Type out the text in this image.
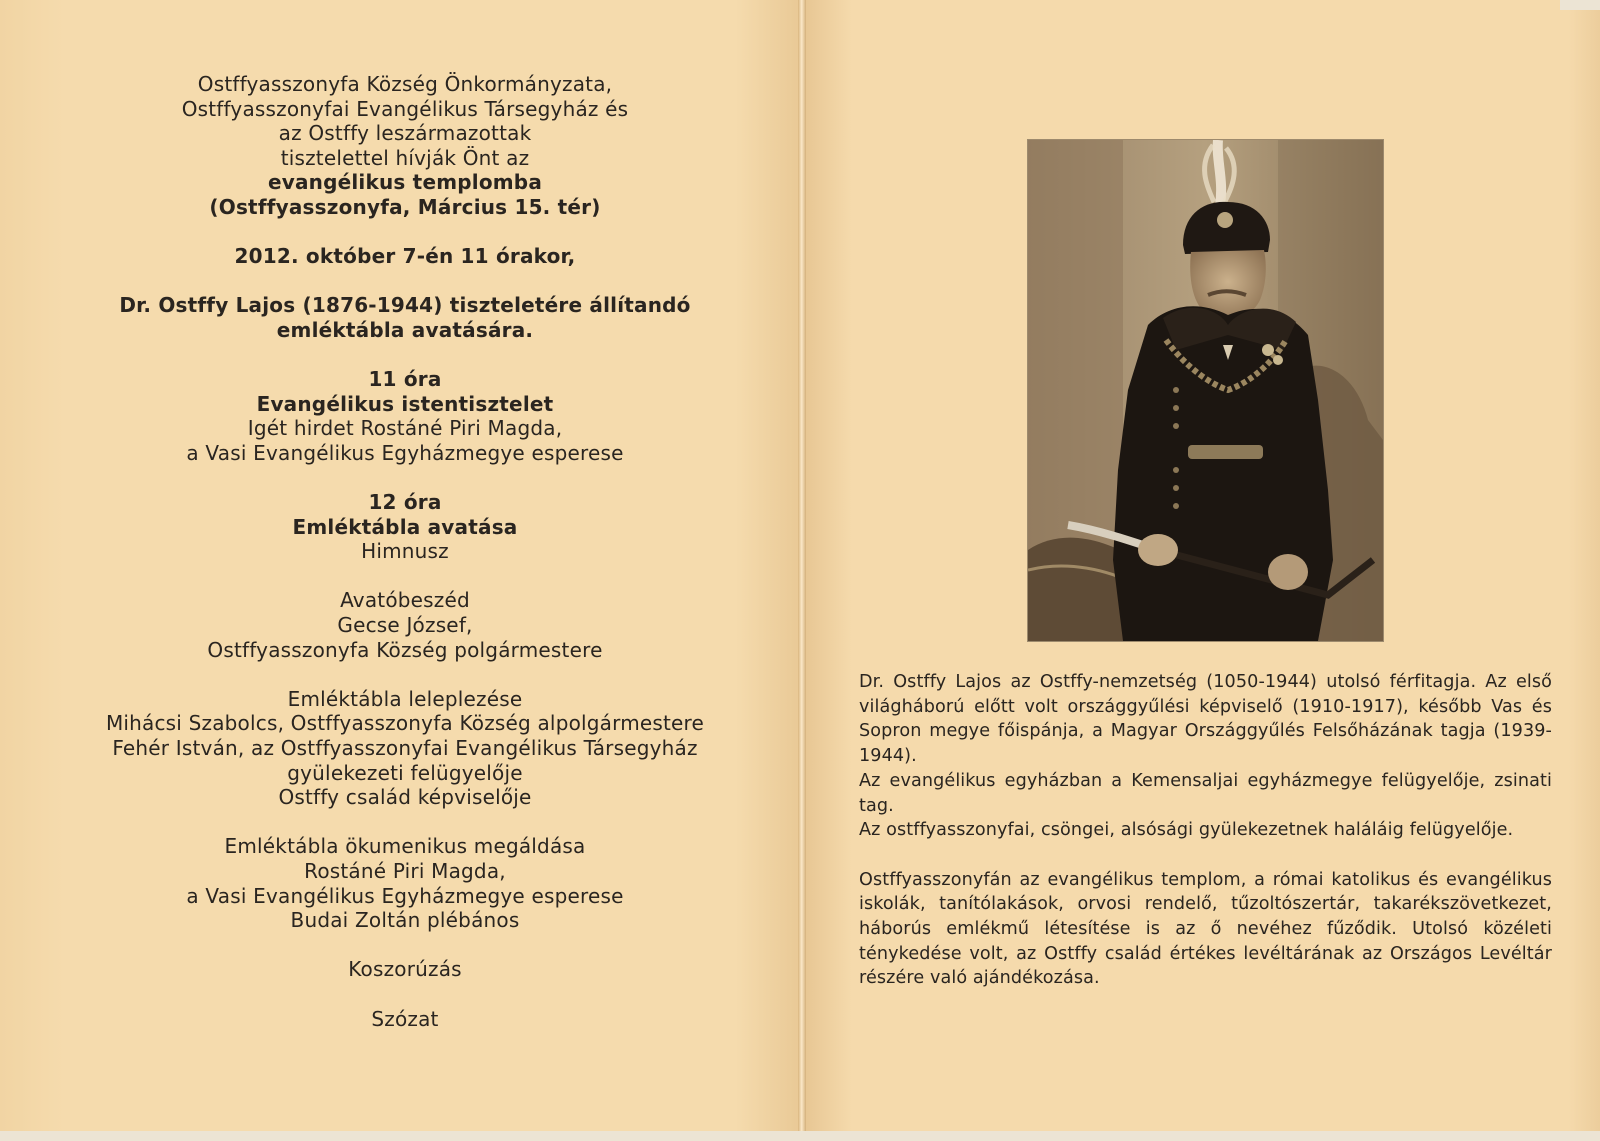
Ostffyasszonyfa Község Önkormányzata,
Ostffyasszonyfai Evangélikus Társegyház és
az Ostffy leszármazottak
tisztelettel hívják Önt az
evangélikus templomba
(Ostffyasszonyfa, Március 15. tér)
2012. október 7-én 11 órakor,
Dr. Ostffy Lajos (1876-1944) tiszteletére állítandó
emléktábla avatására.
11 óra
Evangélikus istentisztelet
Igét hirdet Rostáné Piri Magda,
a Vasi Evangélikus Egyházmegye esperese
12 óra
Emléktábla avatása
Himnusz
Avatóbeszéd
Gecse József,
Ostffyasszonyfa Község polgármestere
Emléktábla leleplezése
Mihácsi Szabolcs, Ostffyasszonyfa Község alpolgármestere
Fehér István, az Ostffyasszonyfai Evangélikus Társegyház
gyülekezeti felügyelője
Ostffy család képviselője
Emléktábla ökumenikus megáldása
Rostáné Piri Magda,
a Vasi Evangélikus Egyházmegye esperese
Budai Zoltán plébános
Koszorúzás
Szózat

Dr. Ostffy Lajos az Ostffy-nemzetség (1050-1944) utolsó férfitagja. Az első világháború előtt volt országgyűlési képviselő (1910-1917), később Vas és Sopron megye főispánja, a Magyar Országgyűlés Felsőházának tagja (1939-1944).

Az evangélikus egyházban a Kemensaljai egyházmegye felügyelője, zsinati tag.

Az ostffyasszonyfai, csöngei, alsósági gyülekezetnek haláláig felügyelője.

Ostffyasszonyfán az evangélikus templom, a római katolikus és evangélikus iskolák, tanítólakások, orvosi rendelő, tűzoltószertár, takarékszövetkezet, háborús emlékmű létesítése is az ő nevéhez fűződik. Utolsó közéleti ténykedése volt, az Ostffy család értékes levéltárának az Országos Levéltár részére való ajándékozása.
